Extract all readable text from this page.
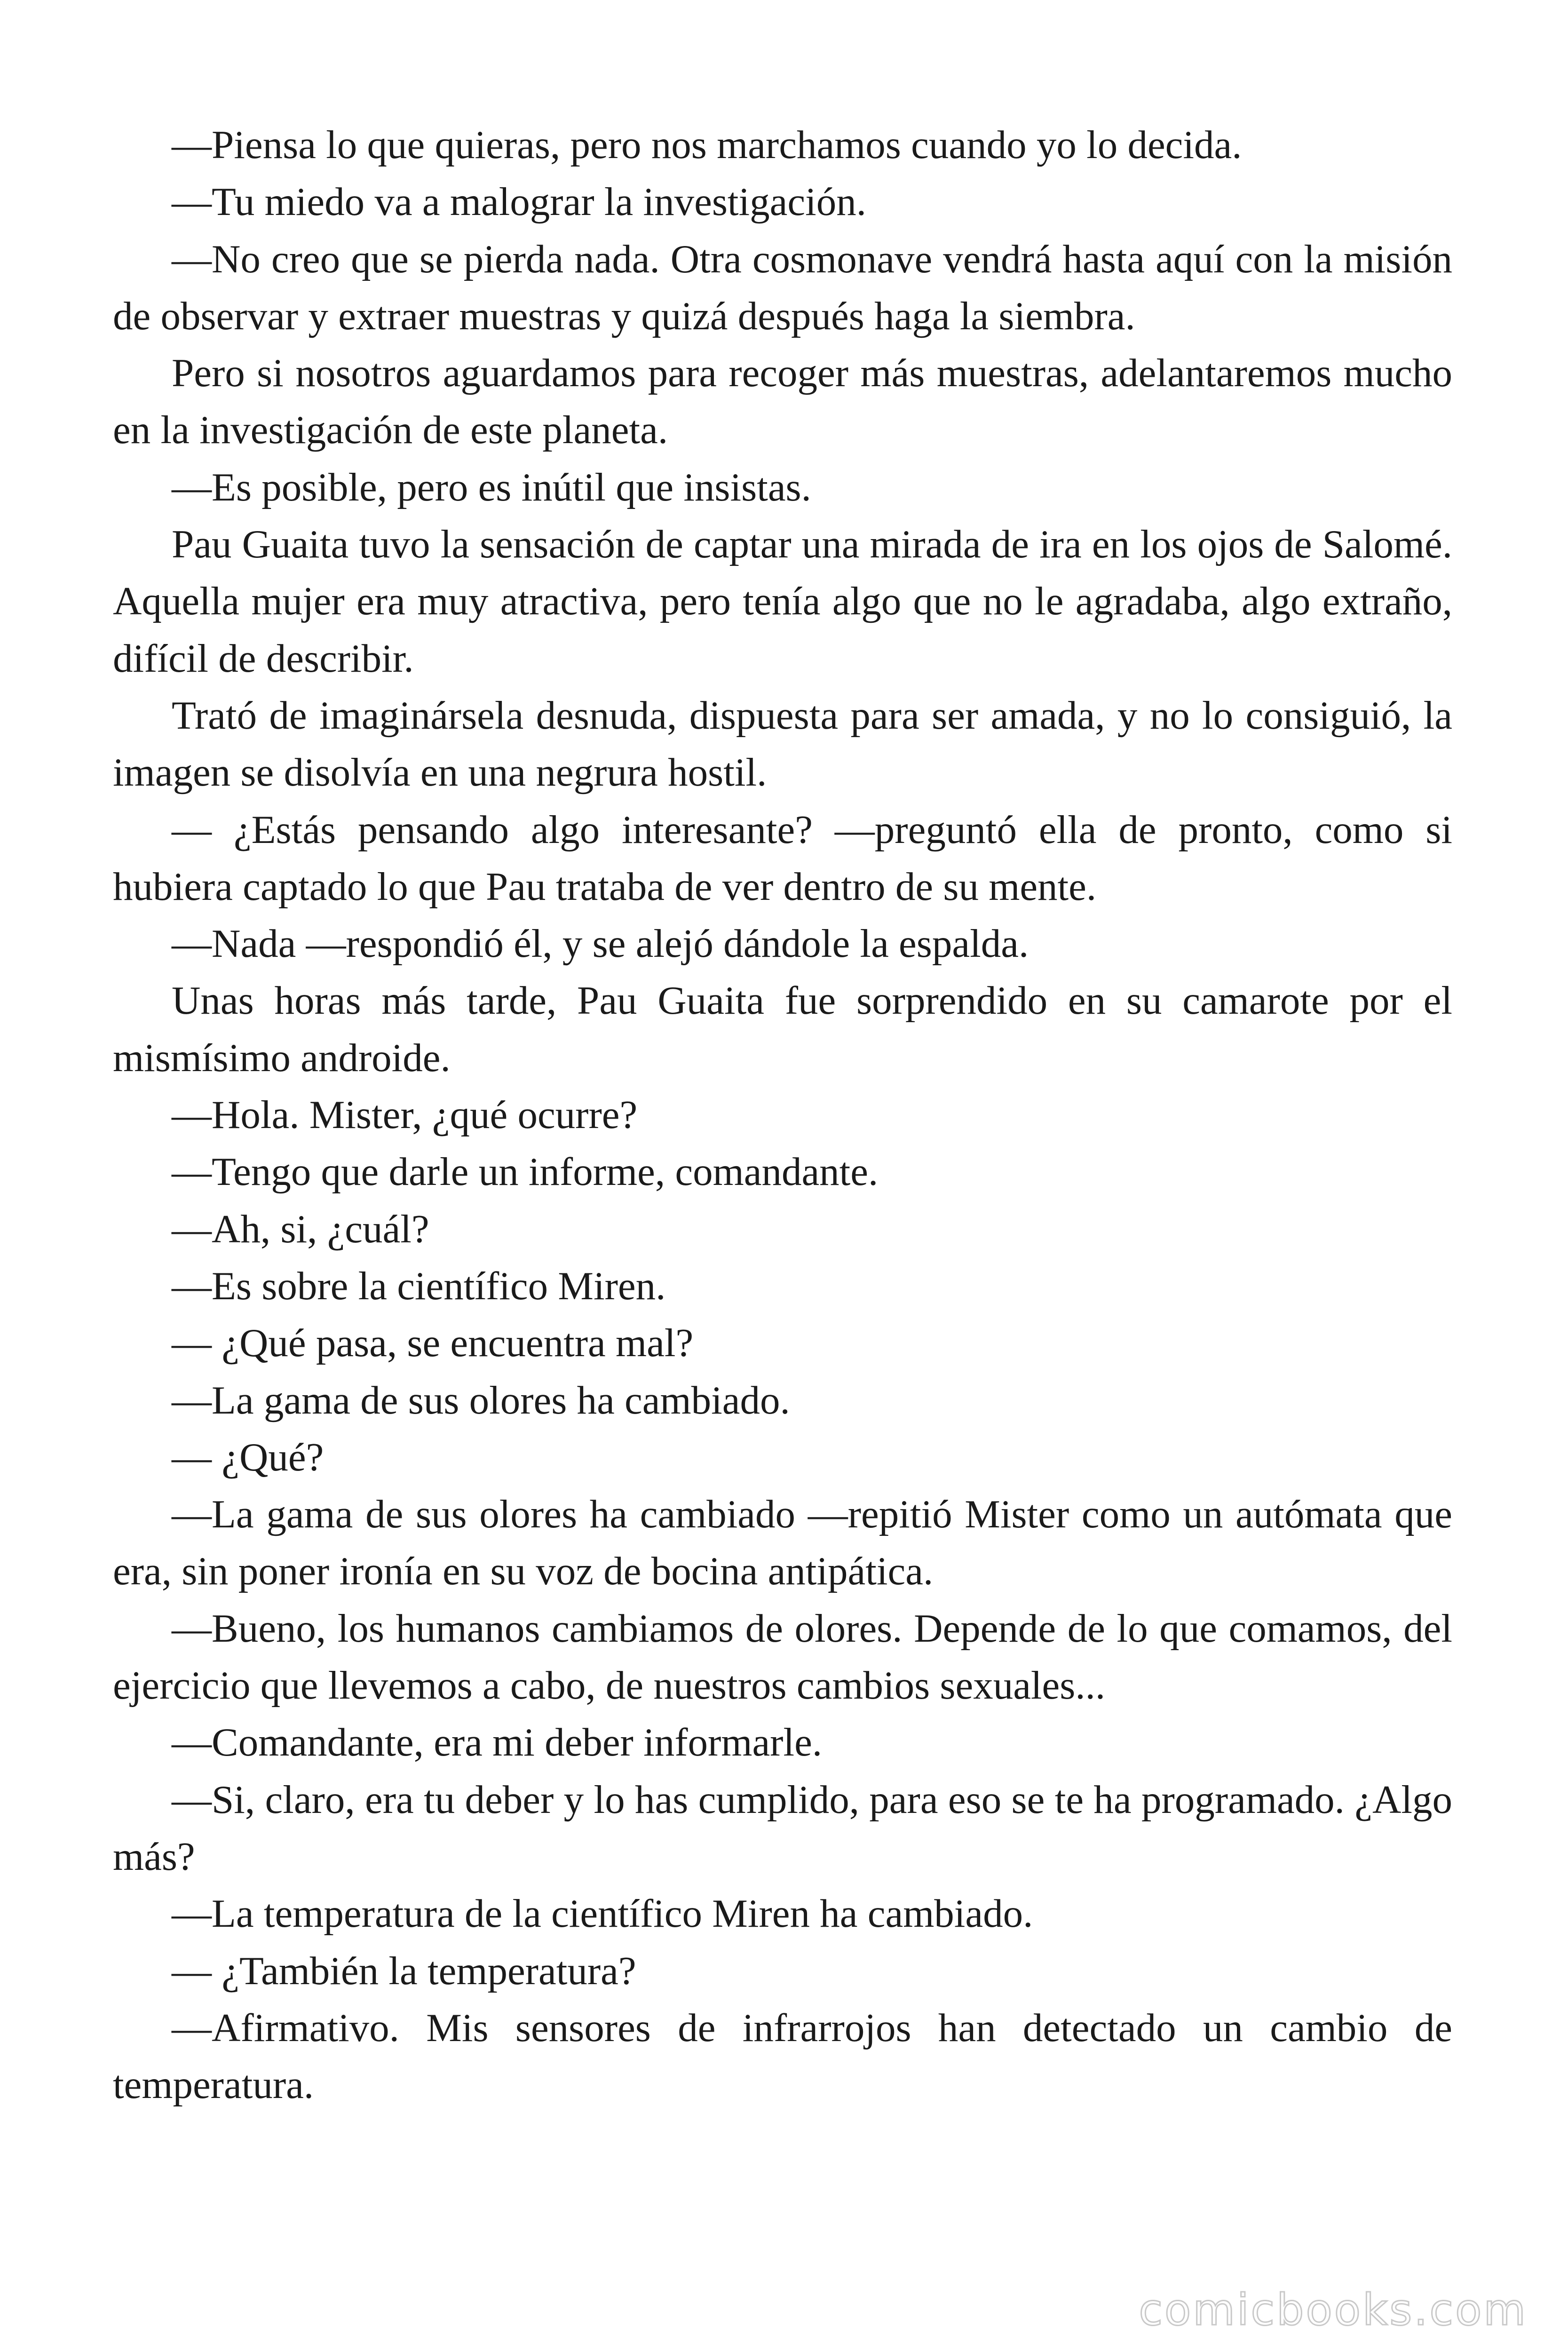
—Piensa lo que quieras, pero nos marchamos cuando yo lo decida.

—Tu miedo va a malograr la investigación.

—No creo que se pierda nada. Otra cosmonave vendrá hasta aquí con la misión de observar y extraer muestras y quizá después haga la siembra.

Pero si nosotros aguardamos para recoger más muestras, adelantaremos mucho en la investigación de este planeta.

—Es posible, pero es inútil que insistas.

Pau Guaita tuvo la sensación de captar una mirada de ira en los ojos de Salomé. Aquella mujer era muy atractiva, pero tenía algo que no le agradaba, algo extraño, difícil de describir.

Trató de imaginársela desnuda, dispuesta para ser amada, y no lo consiguió, la imagen se disolvía en una negrura hostil.

— ¿Estás pensando algo interesante? —preguntó ella de pronto, como si hubiera captado lo que Pau trataba de ver dentro de su mente.

—Nada —respondió él, y se alejó dándole la espalda.

Unas horas más tarde, Pau Guaita fue sorprendido en su camarote por el mismísimo androide.

—Hola. Mister, ¿qué ocurre?

—Tengo que darle un informe, comandante.

—Ah, si, ¿cuál?

—Es sobre la científico Miren.

— ¿Qué pasa, se encuentra mal?

—La gama de sus olores ha cambiado.

— ¿Qué?

—La gama de sus olores ha cambiado —repitió Mister como un autómata que era, sin poner ironía en su voz de bocina antipática.

—Bueno, los humanos cambiamos de olores. Depende de lo que comamos, del ejercicio que llevemos a cabo, de nuestros cambios sexuales...

—Comandante, era mi deber informarle.

—Si, claro, era tu deber y lo has cumplido, para eso se te ha programado. ¿Algo más?

—La temperatura de la científico Miren ha cambiado.

— ¿También la temperatura?

—Afirmativo. Mis sensores de infrarrojos han detectado un cambio de temperatura.

comicbooks.com
